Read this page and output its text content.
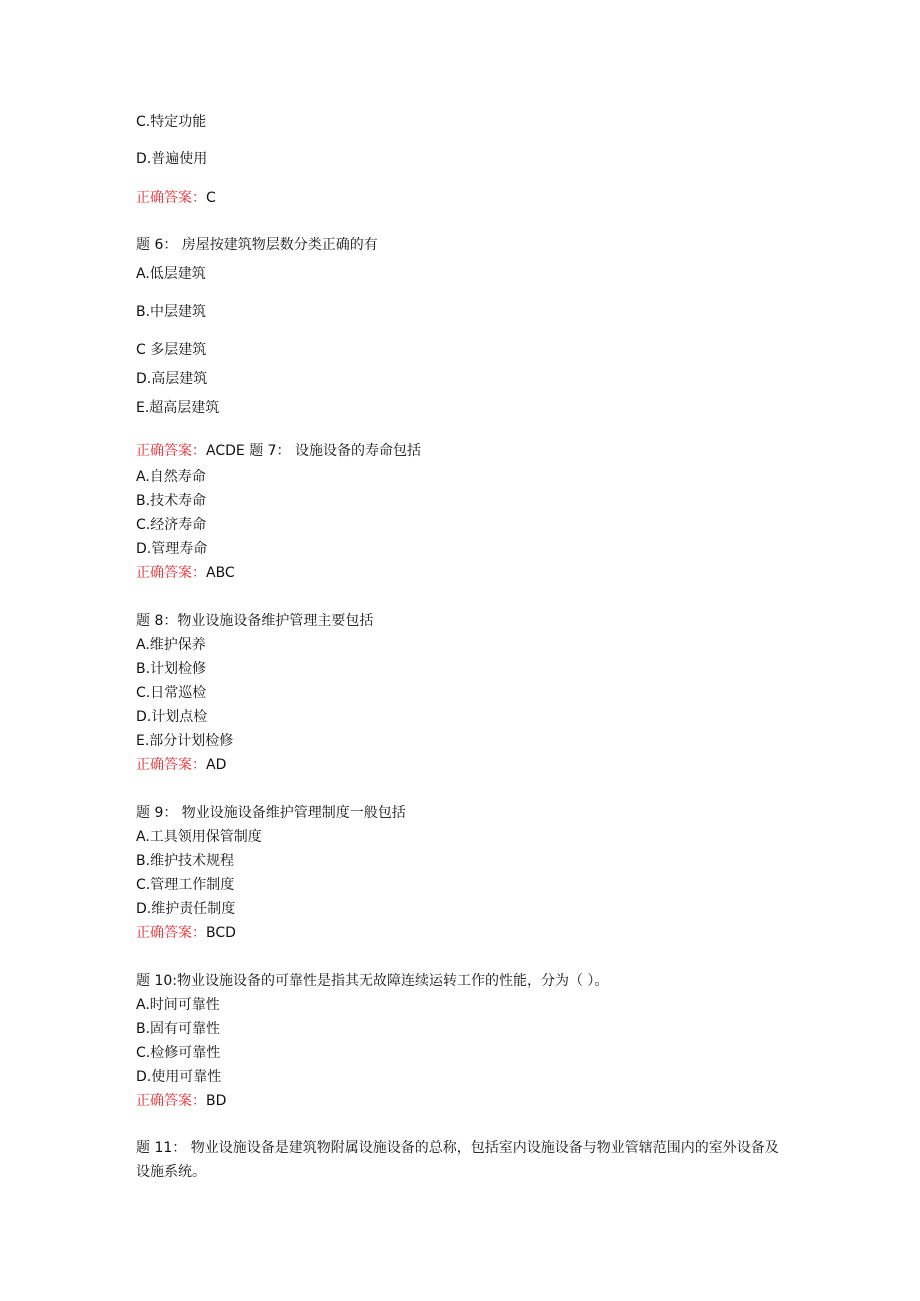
C.特定功能
D.普遍使用
正确答案：C
题 6： 房屋按建筑物层数分类正确的有
A.低层建筑
B.中层建筑
C 多层建筑
D.高层建筑
E.超高层建筑
正确答案：ACDE 题 7： 设施设备的寿命包括
A.自然寿命
B.技术寿命
C.经济寿命
D.管理寿命
正确答案：ABC
题 8：物业设施设备维护管理主要包括
A.维护保养
B.计划检修
C.日常巡检
D.计划点检
E.部分计划检修
正确答案：AD
题 9： 物业设施设备维护管理制度一般包括
A.工具领用保管制度
B.维护技术规程
C.管理工作制度
D.维护责任制度
正确答案：BCD
题 10:物业设施设备的可靠性是指其无故障连续运转工作的性能，分为（ ）。
A.时间可靠性
B.固有可靠性
C.检修可靠性
D.使用可靠性
正确答案：BD
题 11： 物业设施设备是建筑物附属设施设备的总称，包括室内设施设备与物业管辖范围内的室外设备及设施系统。
